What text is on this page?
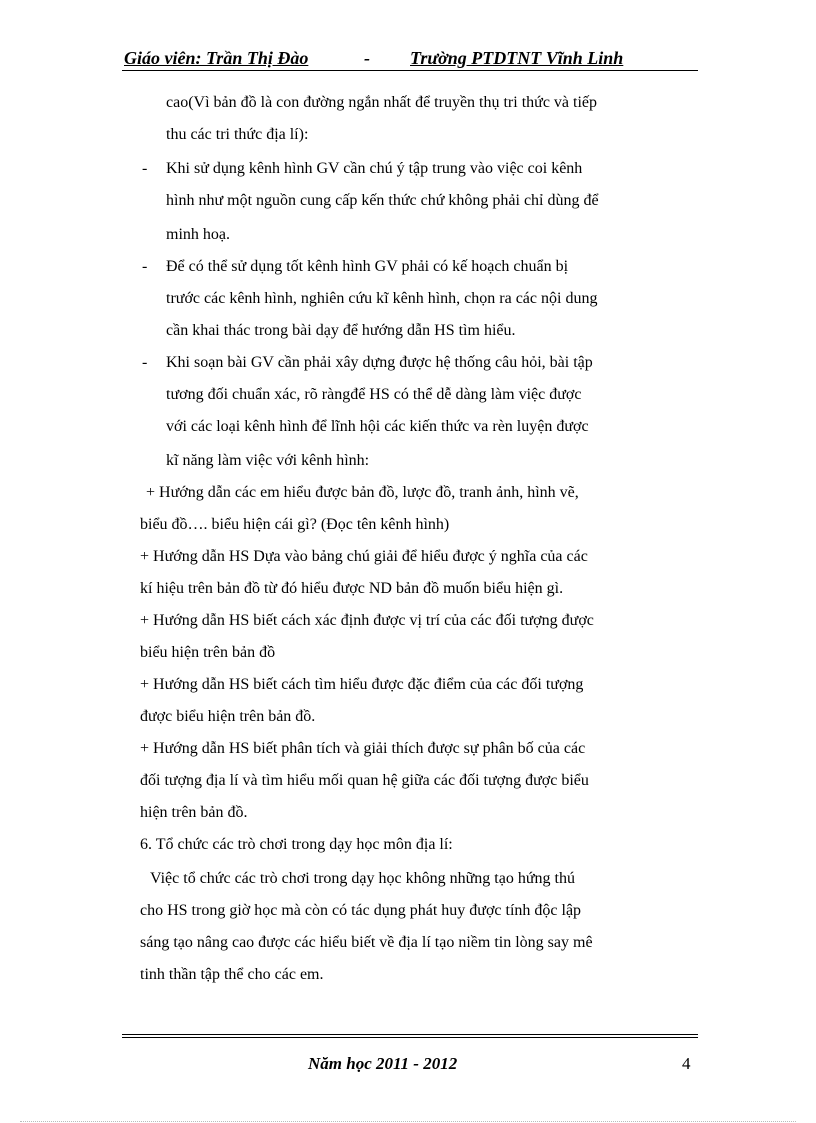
Giáo viên: Trần Thị Đào	- Trường PTDTNT Vĩnh Linh
cao(Vì bản đồ là con đường ngắn nhất để truyền thụ tri thức và tiếp
thu các tri thức địa lí):
- Khi sử dụng kênh hình GV cần chú ý tập trung vào việc coi kênh
hình như một nguồn cung cấp kến thức chứ không phải chỉ dùng để
minh hoạ.
- Để có thể sử dụng tốt kênh hình GV phải có kế hoạch chuẩn bị
trước các kênh hình, nghiên cứu kĩ kênh hình, chọn ra các nội dung
cần khai thác trong bài dạy để hướng dẫn HS tìm hiểu.
- Khi soạn bài GV cần phải xây dựng được hệ thống câu hỏi, bài tập
tương đối chuẩn xác, rõ ràngđể HS có thể dễ dàng làm việc được
với các loại kênh hình để lĩnh hội các kiến thức va rèn luyện được
kĩ năng làm việc với kênh hình:
+ Hướng dẫn các em hiểu được bản đồ, lược đồ, tranh ảnh, hình vẽ,
biểu đồ…. biểu hiện cái gì? (Đọc tên kênh hình)
+ Hướng dẫn HS Dựa vào bảng chú giải để hiểu được ý nghĩa của các
kí hiệu trên bản đồ từ đó hiểu được ND bản đồ muốn biểu hiện gì.
+ Hướng dẫn HS biết cách xác định được vị trí của các đối tượng được
biểu hiện trên bản đồ
+ Hướng dẫn HS biết cách tìm hiểu được đặc điểm của các đối tượng
được biểu hiện trên bản đồ.
+ Hướng dẫn HS biết phân tích và giải thích được sự phân bố của các
đối tượng địa lí và tìm hiểu mối quan hệ giữa các đối tượng được biểu
hiện trên bản đồ.
6. Tổ chức các trò chơi trong dạy học môn địa lí:
Việc tổ chức các trò chơi trong dạy học không những tạo hứng thú
cho HS trong giờ học mà còn có tác dụng phát huy được tính độc lập
sáng tạo nâng cao được các hiểu biết về địa lí tạo niềm tin lòng say mê
tinh thần tập thể cho các em.
Năm học 2011 - 2012	4
